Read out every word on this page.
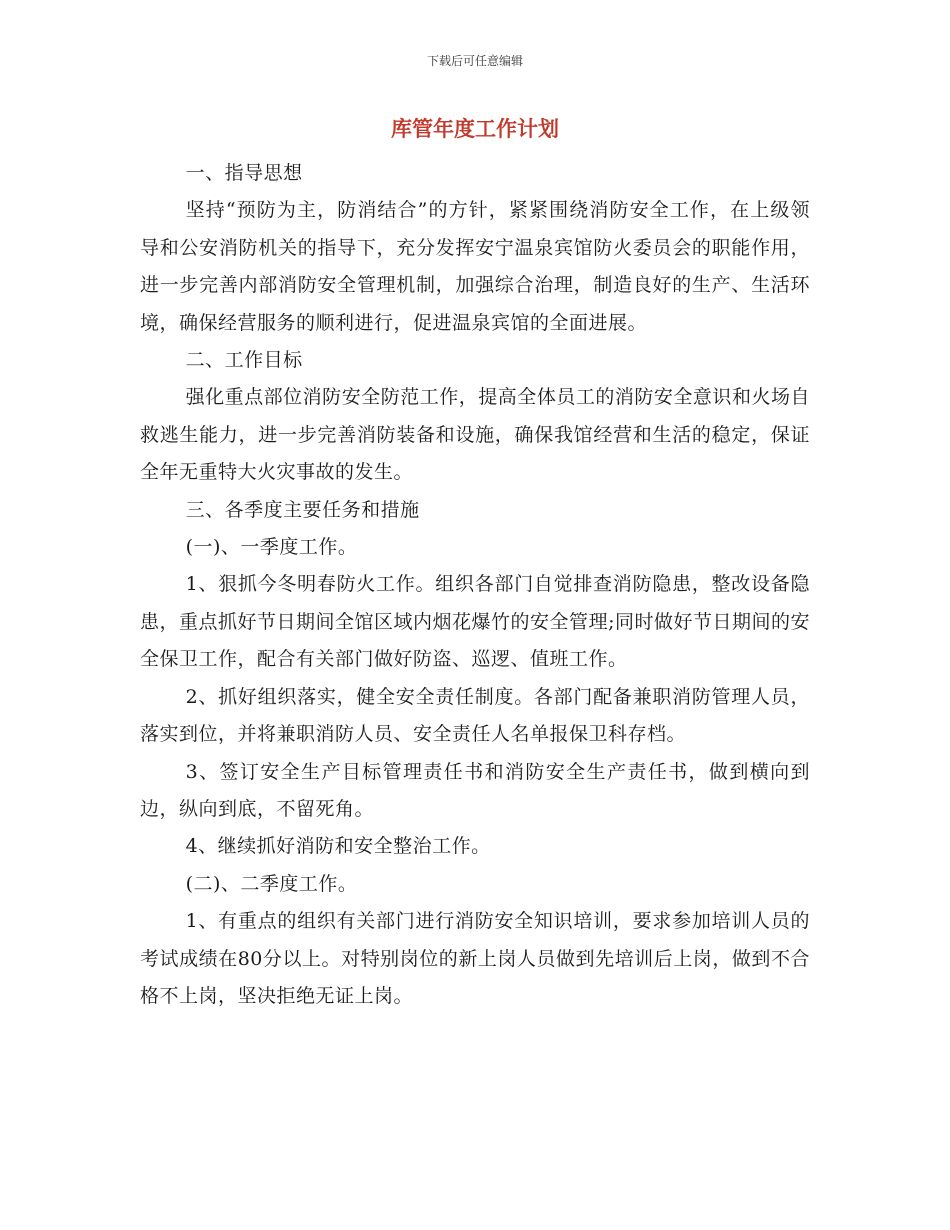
下载后可任意编辑
库管年度工作计划

一、指导思想

坚持“预防为主，防消结合”的方针，紧紧围绕消防安全工作，在上级领导和公安消防机关的指导下，充分发挥安宁温泉宾馆防火委员会的职能作用，进一步完善内部消防安全管理机制，加强综合治理，制造良好的生产、生活环境，确保经营服务的顺利进行，促进温泉宾馆的全面进展。

二、工作目标

强化重点部位消防安全防范工作，提高全体员工的消防安全意识和火场自救逃生能力，进一步完善消防装备和设施，确保我馆经营和生活的稳定，保证全年无重特大火灾事故的发生。

三、各季度主要任务和措施

(一)、一季度工作。

1、狠抓今冬明春防火工作。组织各部门自觉排查消防隐患，整改设备隐患，重点抓好节日期间全馆区域内烟花爆竹的安全管理;同时做好节日期间的安全保卫工作，配合有关部门做好防盗、巡逻、值班工作。

2、抓好组织落实，健全安全责任制度。各部门配备兼职消防管理人员，落实到位，并将兼职消防人员、安全责任人名单报保卫科存档。

3、签订安全生产目标管理责任书和消防安全生产责任书，做到横向到边，纵向到底，不留死角。

4、继续抓好消防和安全整治工作。

(二)、二季度工作。

1、有重点的组织有关部门进行消防安全知识培训，要求参加培训人员的考试成绩在80分以上。对特别岗位的新上岗人员做到先培训后上岗，做到不合格不上岗，坚决拒绝无证上岗。
